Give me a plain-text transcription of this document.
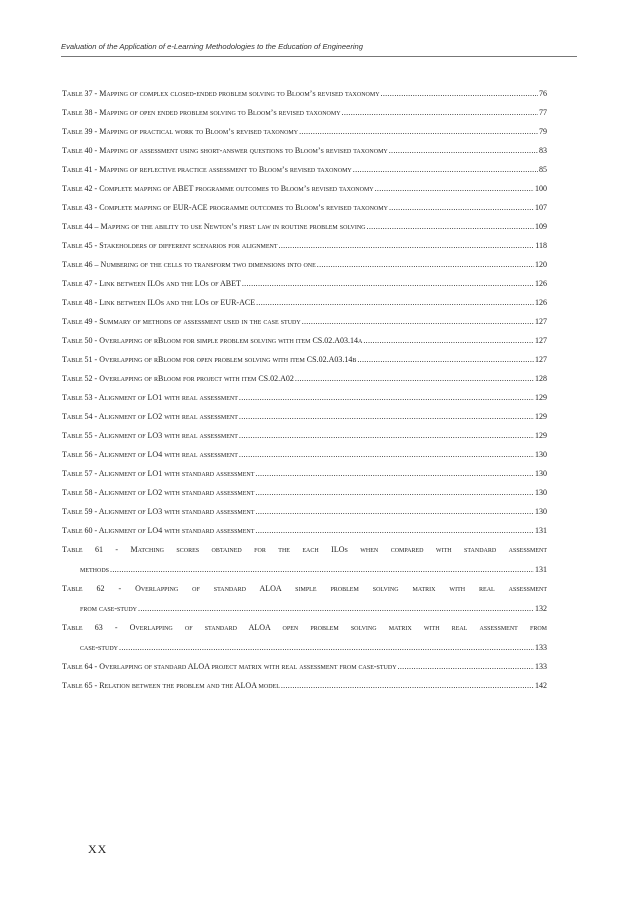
Evaluation of the Application of e-Learning Methodologies to the Education of Engineering
Table 37 - Mapping of complex closed-ended problem solving to Bloom’s revised taxonomy .....	76
Table 38 - Mapping of open ended problem solving to Bloom’s revised taxonomy .....	77
Table 39 - Mapping of practical work to Bloom’s revised taxonomy .....	79
Table 40 - Mapping of assessment using short-answer questions to Bloom’s revised taxonomy .....	83
Table 41 - Mapping of reflective practice assessment to Bloom’s revised taxonomy .....	85
Table 42 - Complete mapping of ABET programme outcomes to Bloom’s revised taxonomy .....	100
Table 43 - Complete mapping of EUR-ACE programme outcomes to Bloom’s revised taxonomy .....	107
Table 44 – Mapping of the ability to use Newton’s first law in routine problem solving .....	109
Table 45 - Stakeholders of different scenarios for alignment .....	118
Table 46 – Numbering of the cells to transform two dimensions into one .....	120
Table 47 - Link between ILOs and the LOs of ABET .....	126
Table 48 - Link between ILOs and the LOs of EUR-ACE .....	126
Table 49 - Summary of methods of assessment used in the case study .....	127
Table 50 - Overlapping of rBloom for simple problem solving with item CS.02.A03.14a .....	127
Table 51 - Overlapping of rBloom for open problem solving with item CS.02.A03.14b .....	127
Table 52 - Overlapping of rBloom for project with item CS.02.A02 .....	128
Table 53 - Alignment of LO1 with real assessment .....	129
Table 54 - Alignment of LO2 with real assessment .....	129
Table 55 - Alignment of LO3 with real assessment .....	129
Table 56 - Alignment of LO4 with real assessment .....	130
Table 57 - Alignment of LO1 with standard assessment .....	130
Table 58 - Alignment of LO2 with standard assessment .....	130
Table 59 - Alignment of LO3 with standard assessment .....	130
Table 60 - Alignment of LO4 with standard assessment .....	131
Table 61 - Matching scores obtained for the each ILOs when compared with standard assessment
methods .....	131
Table 62 - Overlapping of standard ALOA simple problem solving matrix with real assessment
from case-study .....	132
Table 63 - Overlapping of standard ALOA open problem solving matrix with real assessment from
case-study .....	133
Table 64 - Overlapping of standard ALOA project matrix with real assessment from case-study .....	133
Table 65 - Relation between the problem and the ALOA model .....	142
XX
